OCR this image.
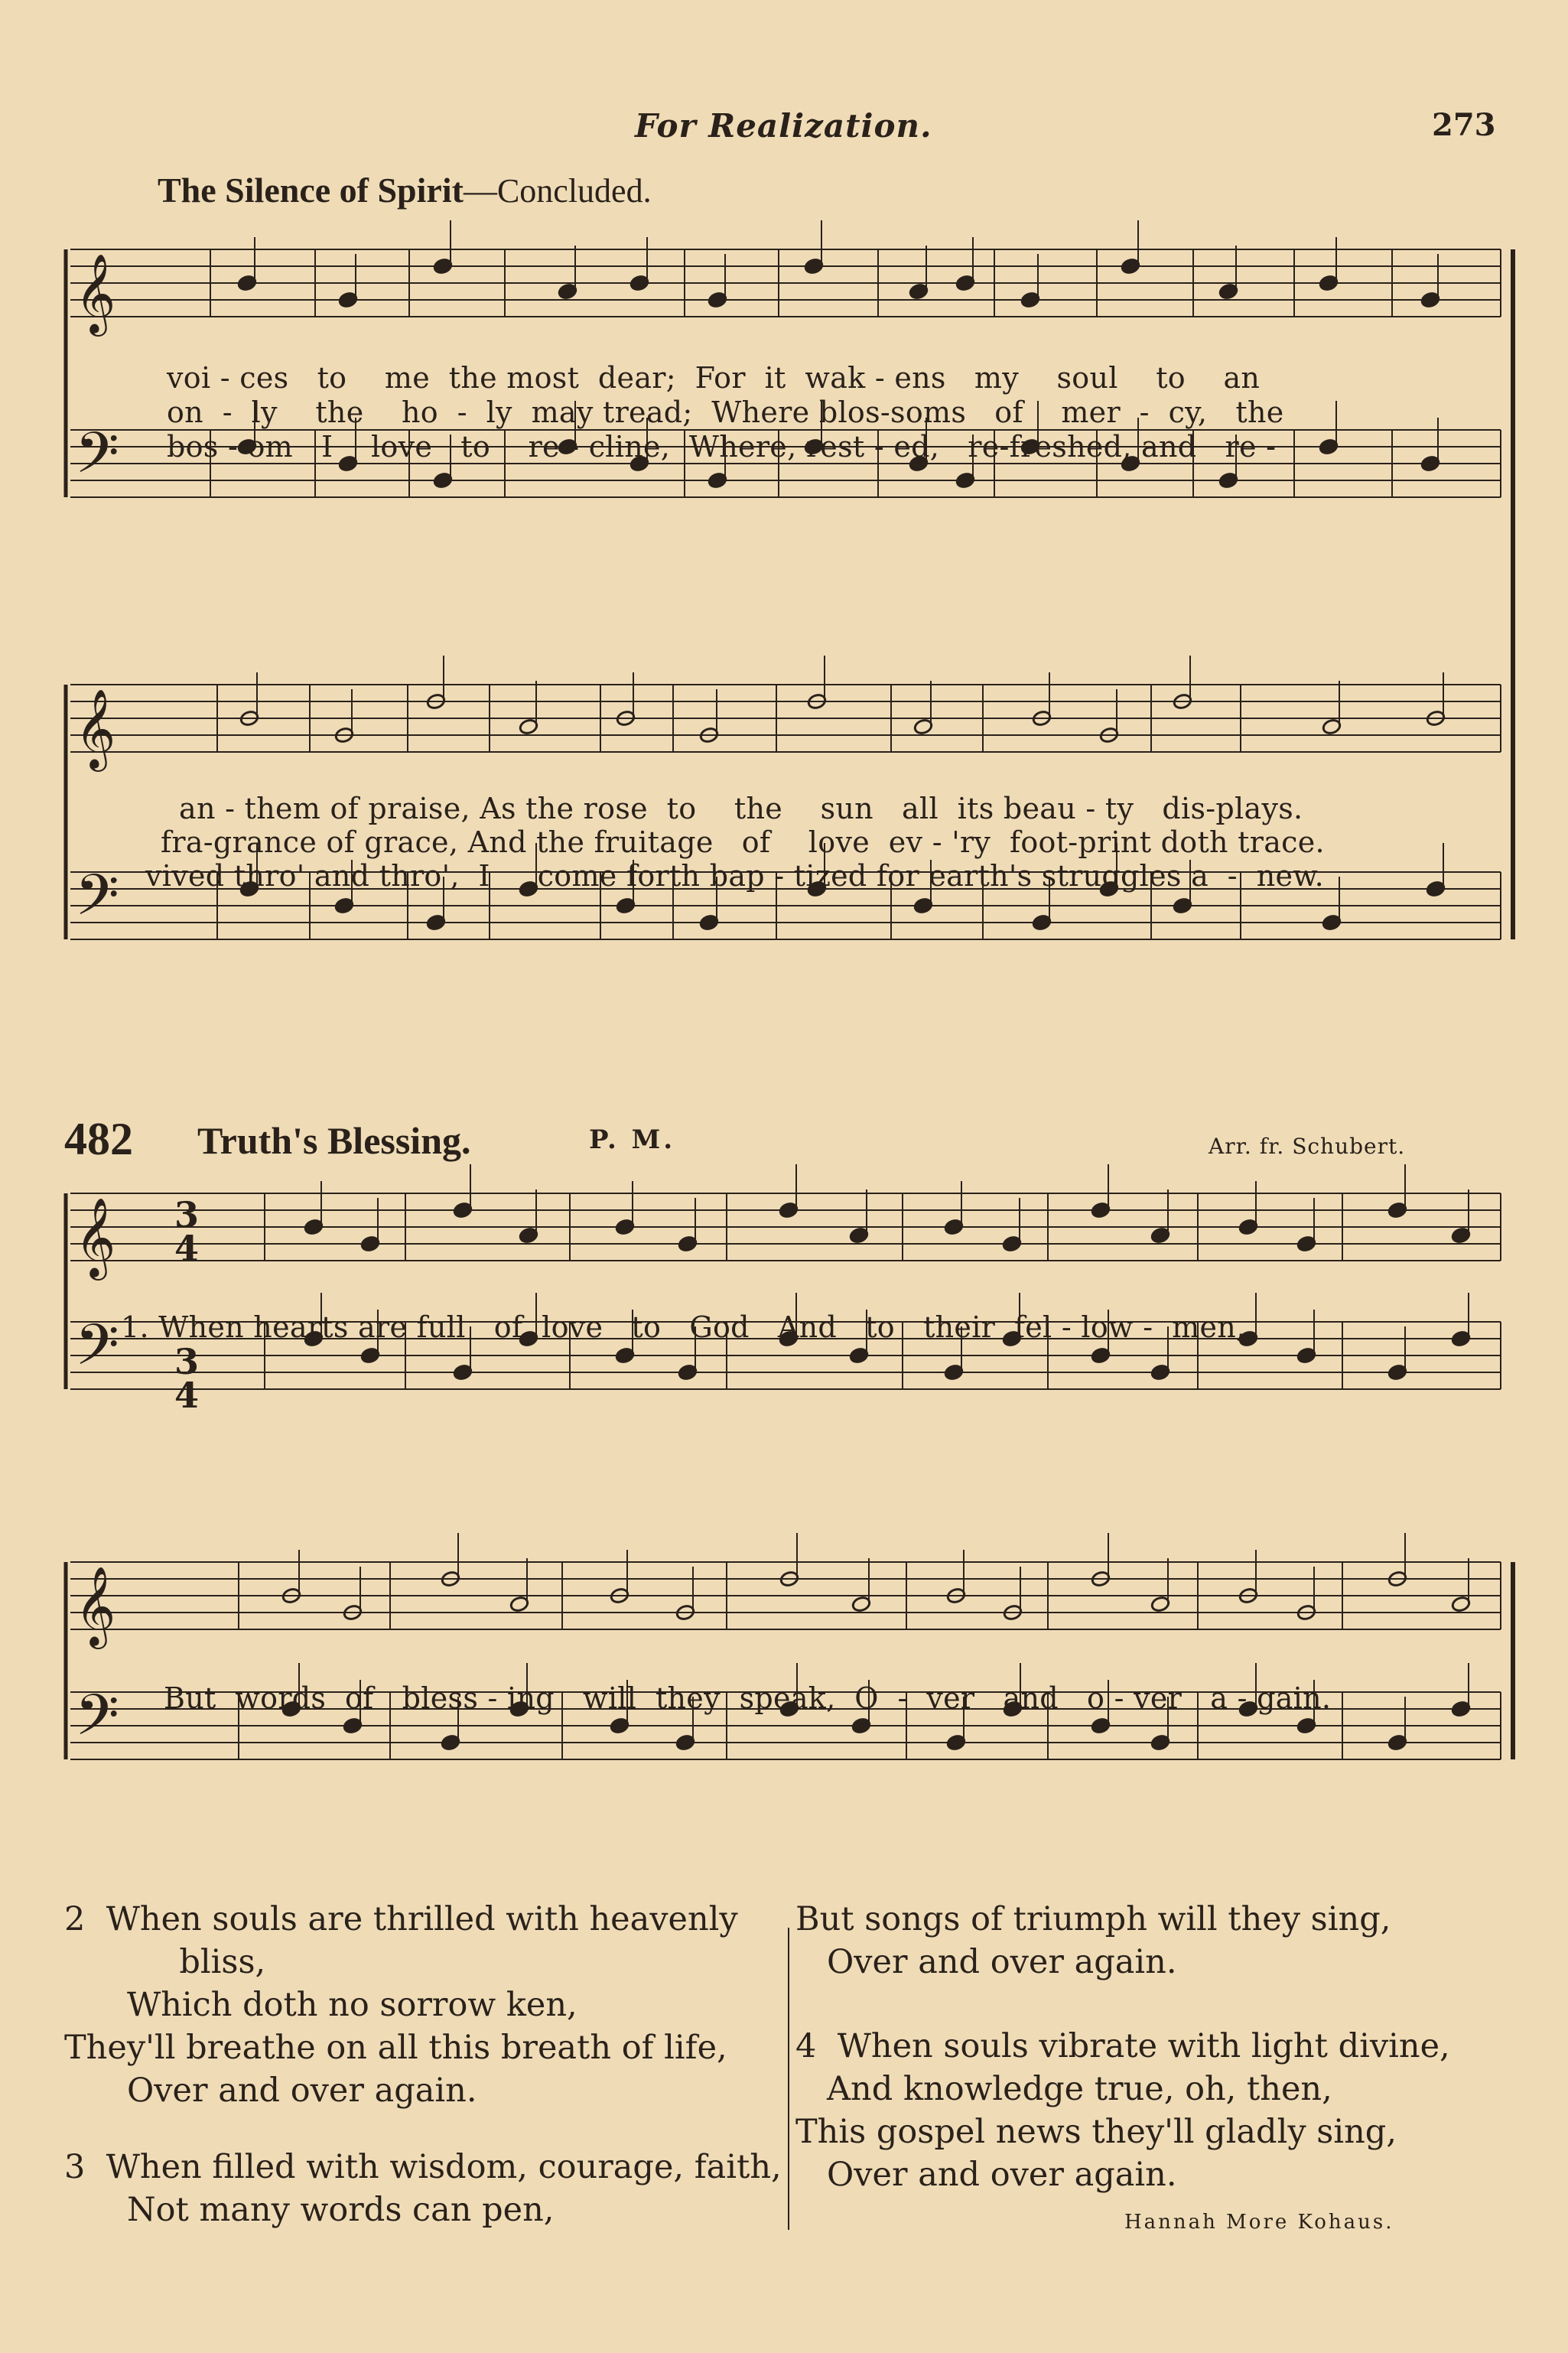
For Realization.	273
The Silence of Spirit—Concluded.
𝄞
𝄢
𝄞
𝄢
𝄞
𝄢
𝄞
𝄢
3
4
3
4
voi - ces   to    me  the most  dear;  For  it  wak - ens   my    soul    to    an
on  -  ly    the    ho  -  ly  may tread;  Where blos-soms   of    mer  -  cy,   the
bos - om   I    love   to    re - cline,  Where, rest - ed,   re-freshed, and   re -
an - them of praise, As the rose  to    the    sun   all  its beau - ty   dis-plays.
fra-grance of grace, And the fruitage   of    love  ev - 'ry  foot-print doth trace.
vived thro' and thro',  I     come forth bap - tized for earth's struggles a  -  new.
482 Truth's Blessing.	P. M.	Arr. fr. Schubert.
1. When hearts are full   of  love   to   God   And   to   their  fel - low -  men,
But  words  of   bless - ing   will  they  speak,  O  -  ver   and   o - ver   a - gain.
2  When souls are thrilled with heavenly
bliss,
Which doth no sorrow ken,
They'll breathe on all this breath of life,
Over and over again.
3  When filled with wisdom, courage, faith,
Not many words can pen,
But songs of triumph will they sing,
Over and over again.
4  When souls vibrate with light divine,
And knowledge true, oh, then,
This gospel news they'll gladly sing,
Over and over again.
Hannah More Kohaus.
